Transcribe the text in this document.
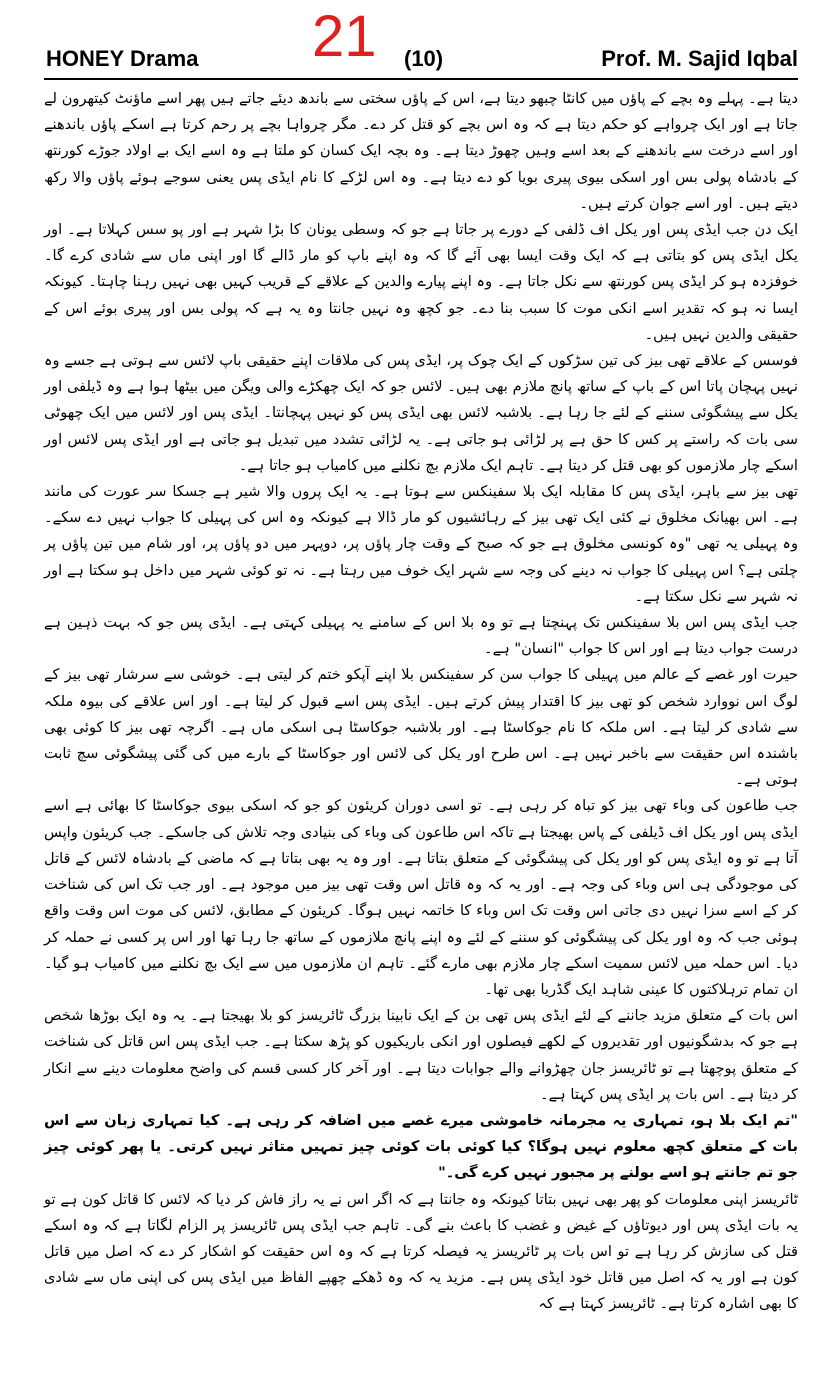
HONEY Drama 21 (10)	Prof. M. Sajid Iqbal

دیتا ہے۔ پہلے وہ بچے کے پاؤں میں کانٹا چبھو دیتا ہے، اس کے پاؤں سختی سے باندھ دیئے جاتے ہیں پھر اسے ماؤنٹ کیتھرون لے جاتا ہے اور ایک چرواہے کو حکم دیتا ہے کہ وہ اس بچے کو قتل کر دے۔ مگر چرواہا بچے پر رحم کرتا ہے اسکے پاؤں باندھنے اور اسے درخت سے باندھنے کے بعد اسے وہیں چھوڑ دیتا ہے۔ وہ بچہ ایک کسان کو ملتا ہے وہ اسے ایک بے اولاد جوڑے کورنتھ کے بادشاہ پولی بس اور اسکی بیوی پیری بویا کو دے دیتا ہے۔ وہ اس لڑکے کا نام ایڈی پس یعنی سوجے ہوئے پاؤں والا رکھ دیتے ہیں۔ اور اسے جوان کرتے ہیں۔

ایک دن جب ایڈی پس اور یکل اف ڈلفی کے دورے پر جاتا ہے جو کہ وسطی یونان کا بڑا شہر ہے اور پو سس کہلاتا ہے۔ اور یکل ایڈی پس کو بتاتی ہے کہ ایک وقت ایسا بھی آئے گا کہ وہ اپنے باپ کو مار ڈالے گا اور اپنی ماں سے شادی کرے گا۔ خوفزدہ ہو کر ایڈی پس کورنتھ سے نکل جاتا ہے۔ وہ اپنے پیارے والدین کے علاقے کے قریب کہیں بھی نہیں رہنا چاہتا۔ کیونکہ ایسا نہ ہو کہ تقدیر اسے انکی موت کا سبب بنا دے۔ جو کچھ وہ نہیں جانتا وہ یہ ہے کہ پولی بس اور پیری بوئے اس کے حقیقی والدین نہیں ہیں۔

فوسس کے علاقے تھی بیز کی تین سڑکوں کے ایک چوک پر، ایڈی پس کی ملاقات اپنے حقیقی باپ لائس سے ہوتی ہے جسے وہ نہیں پہچان پاتا اس کے باپ کے ساتھ پانچ ملازم بھی ہیں۔ لائس جو کہ ایک چھکڑے والی ویگن میں بیٹھا ہوا ہے وہ ڈیلفی اور یکل سے پیشگوئی سننے کے لئے جا رہا ہے۔ بلاشبہ لائس بھی ایڈی پس کو نہیں پہچانتا۔ ایڈی پس اور لائس میں ایک چھوٹی سی بات کہ راستے پر کس کا حق ہے پر لڑائی ہو جاتی ہے۔ یہ لڑائی تشدد میں تبدیل ہو جاتی ہے اور ایڈی پس لائس اور اسکے چار ملازموں کو بھی قتل کر دیتا ہے۔ تاہم ایک ملازم بچ نکلنے میں کامیاب ہو جاتا ہے۔

تھی بیز سے باہر، ایڈی پس کا مقابلہ ایک بلا سفینکس سے ہوتا ہے۔ یہ ایک پروں والا شیر ہے جسکا سر عورت کی مانند ہے۔ اس بھیانک مخلوق نے کئی ایک تھی بیز کے رہائشیوں کو مار ڈالا ہے کیونکہ وہ اس کی پہیلی کا جواب نہیں دے سکے۔ وہ پہیلی یہ تھی "وہ کونسی مخلوق ہے جو کہ صبح کے وقت چار پاؤں پر، دوپہر میں دو پاؤں پر، اور شام میں تین پاؤں پر چلتی ہے؟ اس پہیلی کا جواب نہ دینے کی وجہ سے شہر ایک خوف میں رہتا ہے۔ نہ تو کوئی شہر میں داخل ہو سکتا ہے اور نہ شہر سے نکل سکتا ہے۔

جب ایڈی پس اس بلا سفینکس تک پہنچتا ہے تو وہ بلا اس کے سامنے یہ پہیلی کہتی ہے۔ ایڈی پس جو کہ بہت ذہین ہے درست جواب دیتا ہے اور اس کا جواب "انسان" ہے۔

حیرت اور غصے کے عالم میں پہیلی کا جواب سن کر سفینکس بلا اپنے آپکو ختم کر لیتی ہے۔ خوشی سے سرشار تھی بیز کے لوگ اس نووارد شخص کو تھی بیز کا اقتدار پیش کرتے ہیں۔ ایڈی پس اسے قبول کر لیتا ہے۔ اور اس علاقے کی بیوہ ملکہ سے شادی کر لیتا ہے۔ اس ملکہ کا نام جوکاسٹا ہے۔ اور بلاشبہ جوکاسٹا ہی اسکی ماں ہے۔ اگرچہ تھی بیز کا کوئی بھی باشندہ اس حقیقت سے باخبر نہیں ہے۔ اس طرح اور یکل کی لائس اور جوکاسٹا کے بارے میں کی گئی پیشگوئی سچ ثابت ہوتی ہے۔

جب طاعون کی وباء تھی بیز کو تباہ کر رہی ہے۔ تو اسی دوران کریئون کو جو کہ اسکی بیوی جوکاسٹا کا بھائی ہے اسے ایڈی پس اور یکل اف ڈیلفی کے پاس بھیجتا ہے تاکہ اس طاعون کی وباء کی بنیادی وجہ تلاش کی جاسکے۔ جب کریئون واپس آتا ہے تو وہ ایڈی پس کو اور یکل کی پیشگوئی کے متعلق بتاتا ہے۔ اور وہ یہ بھی بتاتا ہے کہ ماضی کے بادشاہ لائس کے قاتل کی موجودگی ہی اس وباء کی وجہ ہے۔ اور یہ کہ وہ قاتل اس وقت تھی بیز میں موجود ہے۔ اور جب تک اس کی شناخت کر کے اسے سزا نہیں دی جاتی اس وقت تک اس وباء کا خاتمہ نہیں ہوگا۔ کریئون کے مطابق، لائس کی موت اس وقت واقع ہوئی جب کہ وہ اور یکل کی پیشگوئی کو سننے کے لئے وہ اپنے پانچ ملازموں کے ساتھ جا رہا تھا اور اس پر کسی نے حملہ کر دیا۔ اس حملہ میں لائس سمیت اسکے چار ملازم بھی مارے گئے۔ تاہم ان ملازموں میں سے ایک بچ نکلنے میں کامیاب ہو گیا۔ ان تمام ترہلاکتوں کا عینی شاہد ایک گڈریا بھی تھا۔

اس بات کے متعلق مزید جاننے کے لئے ایڈی پس تھی بن کے ایک نابینا بزرگ ٹائریسز کو بلا بھیجتا ہے۔ یہ وہ ایک بوڑھا شخص ہے جو کہ بدشگونیوں اور تقدیروں کے لکھے فیصلوں اور انکی باریکیوں کو پڑھ سکتا ہے۔ جب ایڈی پس اس قاتل کی شناخت کے متعلق پوچھتا ہے تو ٹائریسز جان چھڑوانے والے جوابات دیتا ہے۔ اور آخر کار کسی قسم کی واضح معلومات دینے سے انکار کر دیتا ہے۔ اس بات پر ایڈی پس کہتا ہے۔

"تم ایک بلا ہو، تمہاری یہ مجرمانہ خاموشی میرے غصے میں اضافہ کر رہی ہے۔ کیا تمہاری زبان سے اس بات کے متعلق کچھ معلوم نہیں ہوگا؟ کیا کوئی بات کوئی چیز تمہیں متاثر نہیں کرتی۔ یا پھر کوئی چیز جو تم جانتے ہو اسے بولنے پر مجبور نہیں کرے گی۔"

ٹائریسز اپنی معلومات کو پھر بھی نہیں بتاتا کیونکہ وہ جانتا ہے کہ اگر اس نے یہ راز فاش کر دیا کہ لائس کا قاتل کون ہے تو یہ بات ایڈی پس اور دیوتاؤں کے غیض و غضب کا باعث بنے گی۔ تاہم جب ایڈی پس ٹائریسز پر الزام لگاتا ہے کہ وہ اسکے قتل کی سازش کر رہا ہے تو اس بات پر ٹائریسز یہ فیصلہ کرتا ہے کہ وہ اس حقیقت کو اشکار کر دے کہ اصل میں قاتل کون ہے اور یہ کہ اصل میں قاتل خود ایڈی پس ہے۔ مزید یہ کہ وہ ڈھکے چھپے الفاظ میں ایڈی پس کی اپنی ماں سے شادی کا بھی اشارہ کرتا ہے۔ ٹائریسز کہتا ہے کہ
